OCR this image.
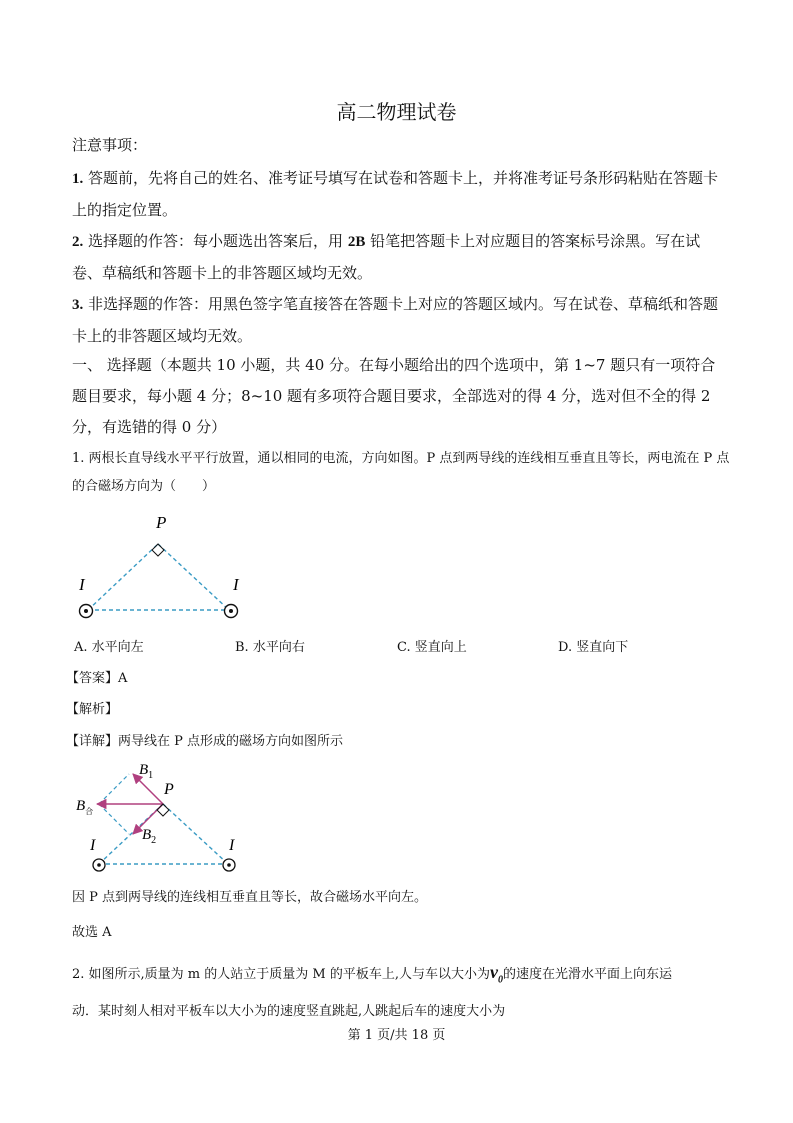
高二物理试卷
注意事项：
1. 答题前，先将自己的姓名、准考证号填写在试卷和答题卡上，并将准考证号条形码粘贴在答题卡上的指定位置。
2. 选择题的作答：每小题选出答案后，用 2B 铅笔把答题卡上对应题目的答案标号涂黑。写在试卷、草稿纸和答题卡上的非答题区域均无效。
3. 非选择题的作答：用黑色签字笔直接答在答题卡上对应的答题区域内。写在试卷、草稿纸和答题卡上的非答题区域均无效。
一、 选择题（本题共 10 小题，共 40 分。在每小题给出的四个选项中，第 1~7 题只有一项符合题目要求，每小题 4 分；8~10 题有多项符合题目要求，全部选对的得 4 分，选对但不全的得 2 分，有选错的得 0 分）
1. 两根长直导线水平平行放置，通以相同的电流，方向如图。P 点到两导线的连线相互垂直且等长，两电流在 P 点的合磁场方向为（　　）
P
I	I
A. 水平向左	B. 水平向右	C. 竖直向上	D. 竖直向下
【答案】A
【解析】
【详解】两导线在 P 点形成的磁场方向如图所示
$B_1$
$B_2$
$B_合$
P
I	I
因 P 点到两导线的连线相互垂直且等长，故合磁场水平向左。
故选 A
2. 如图所示,质量为 m 的人站立于质量为 M 的平板车上,人与车以大小为$v_0$的速度在光滑水平面上向东运
动．某时刻人相对平板车以大小为的速度竖直跳起,人跳起后车的速度大小为
第 1 页/共 18 页
